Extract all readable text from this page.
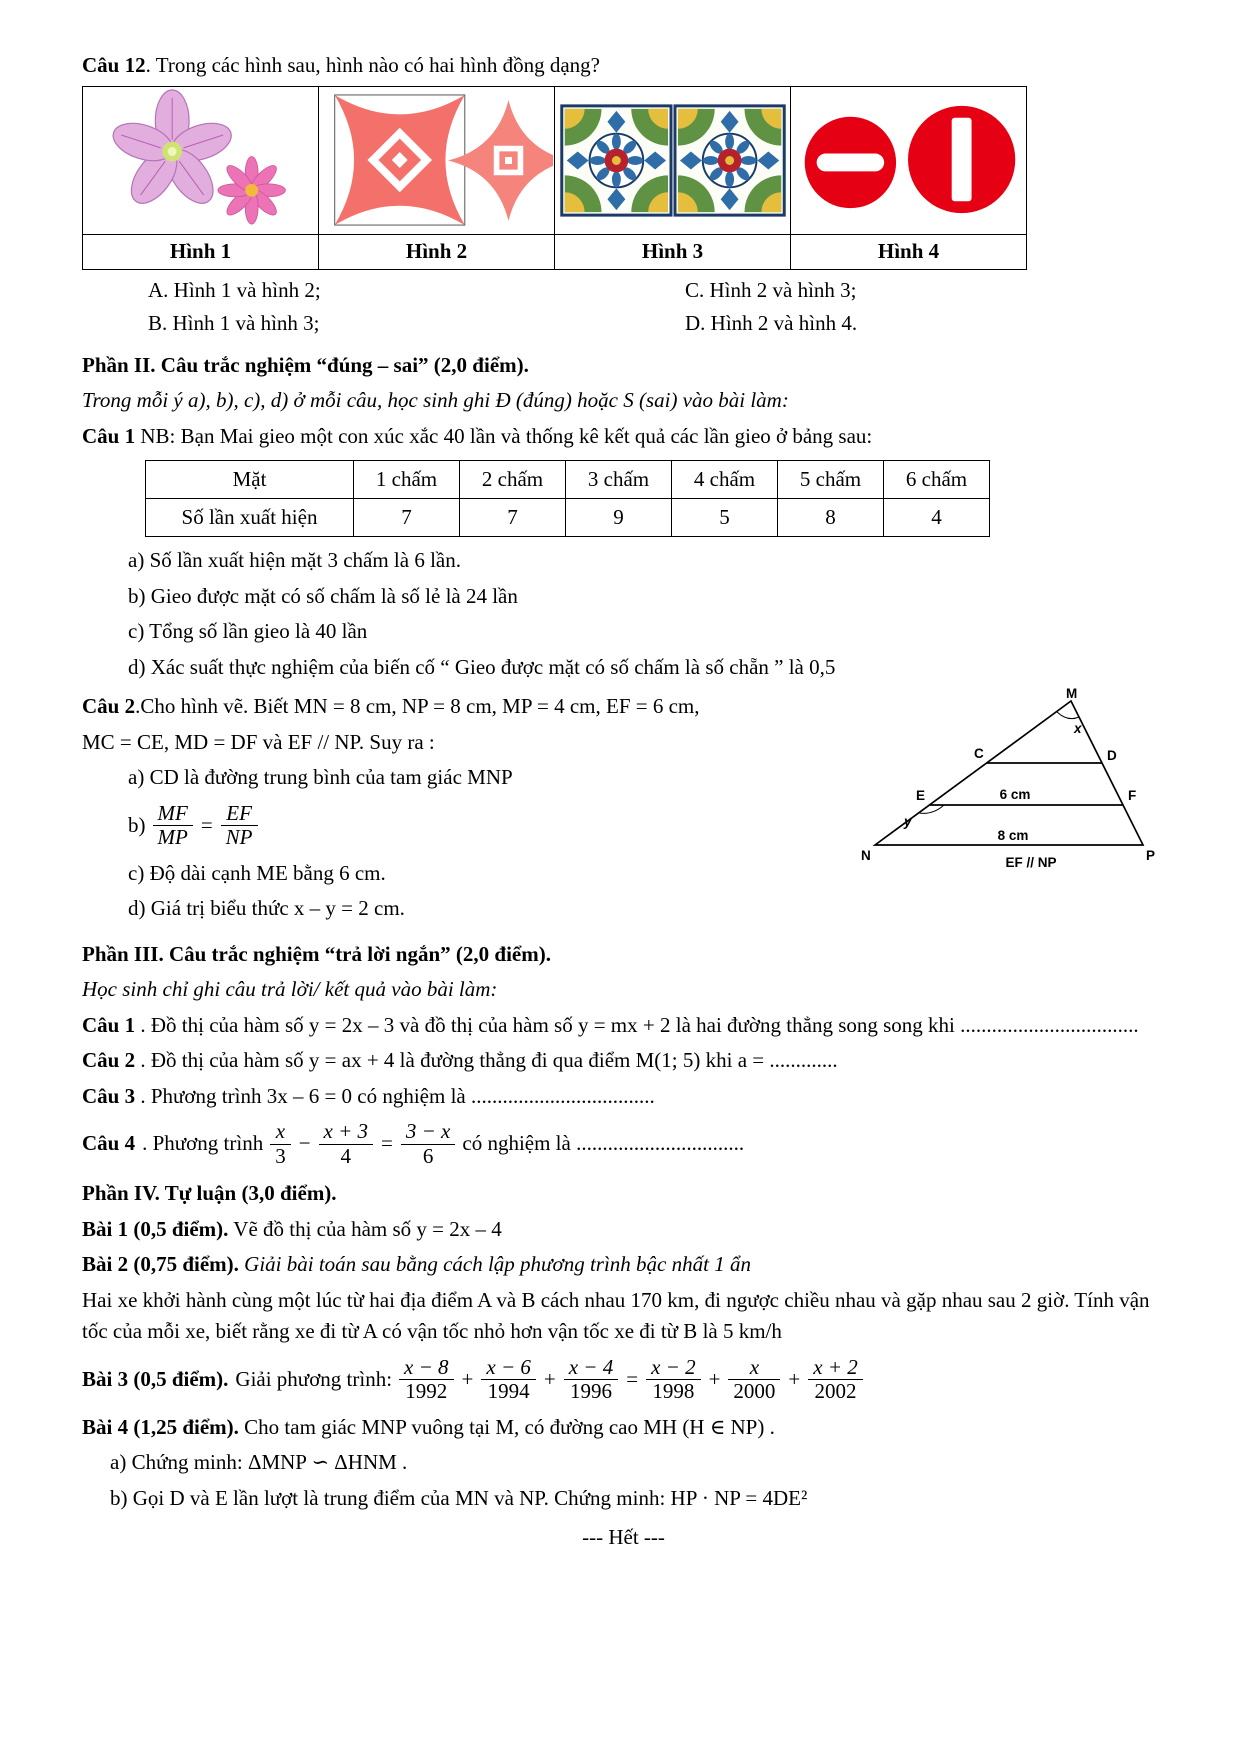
Câu 12. Trong các hình sau, hình nào có hai hình đồng dạng?

Hình 1	Hình 2	Hình 3	Hình 4
A. Hình 1 và hình 2;	C. Hình 2 và hình 3;
B. Hình 1 và hình 3;	D. Hình 2 và hình 4.

Phần II. Câu trắc nghiệm “đúng – sai” (2,0 điểm).

Trong mỗi ý a), b), c), d) ở mỗi câu, học sinh ghi Đ (đúng) hoặc S (sai) vào bài làm:

Câu 1 NB: Bạn Mai gieo một con xúc xắc 40 lần và thống kê kết quả các lần gieo ở bảng sau:

Mặt	1 chấm	2 chấm	3 chấm	4 chấm	5 chấm	6 chấm
Số lần xuất hiện	7	7	9	5	8	4

a) Số lần xuất hiện mặt 3 chấm là 6 lần.

b) Gieo được mặt có số chấm là số lẻ là 24 lần

c) Tổng số lần gieo là 40 lần

d) Xác suất thực nghiệm của biến cố “ Gieo được mặt có số chấm là số chẵn ” là 0,5

M
x
C	D
E	F
y
6 cm
8 cm
N	P
EF // NP

Câu 2.Cho hình vẽ. Biết MN = 8 cm, NP = 8 cm, MP = 4 cm, EF = 6 cm,

MC = CE, MD = DF và EF // NP. Suy ra :

a) CD là đường trung bình của tam giác MNP

$b) \frac{MF}{MP} = \frac{EF}{NP}$

c) Độ dài cạnh ME bằng 6 cm.

d) Giá trị biểu thức x – y = 2 cm.

Phần III. Câu trắc nghiệm “trả lời ngắn” (2,0 điểm).

Học sinh chỉ ghi câu trả lời/ kết quả vào bài làm:

Câu 1 . Đồ thị của hàm số y = 2x – 3 và đồ thị của hàm số y = mx + 2 là hai đường thẳng song song khi ..................................

Câu 2 . Đồ thị của hàm số y = ax + 4 là đường thẳng đi qua điểm M(1; 5) khi a = .............

Câu 3 . Phương trình 3x – 6 = 0 có nghiệm là ...................................

Câu 4 . Phương trình $\frac{x}{3} - \frac{x + 3}{4} = \frac{3 - x}{6}$ có nghiệm là ................................

Phần IV. Tự luận (3,0 điểm).

Bài 1 (0,5 điểm). Vẽ đồ thị của hàm số y = 2x – 4

Bài 2 (0,75 điểm). Giải bài toán sau bằng cách lập phương trình bậc nhất 1 ẩn

Hai xe khởi hành cùng một lúc từ hai địa điểm A và B cách nhau 170 km, đi ngược chiều nhau và gặp nhau sau 2 giờ. Tính vận tốc của mỗi xe, biết rằng xe đi từ A có vận tốc nhỏ hơn vận tốc xe đi từ B là 5 km/h

Bài 3 (0,5 điểm). Giải phương trình: $\frac{x - 8}{1992} + \frac{x - 6}{1994} + \frac{x - 4}{1996} = \frac{x - 2}{1998} + \frac{x}{2000} + \frac{x + 2}{2002}$

Bài 4 (1,25 điểm). Cho tam giác MNP vuông tại M, có đường cao MH (H ∈ NP) .

a) Chứng minh: ΔMNP ∽ ΔHNM .

b) Gọi D và E lần lượt là trung điểm của MN và NP. Chứng minh: HP · NP = 4DE²

--- Hết ---
